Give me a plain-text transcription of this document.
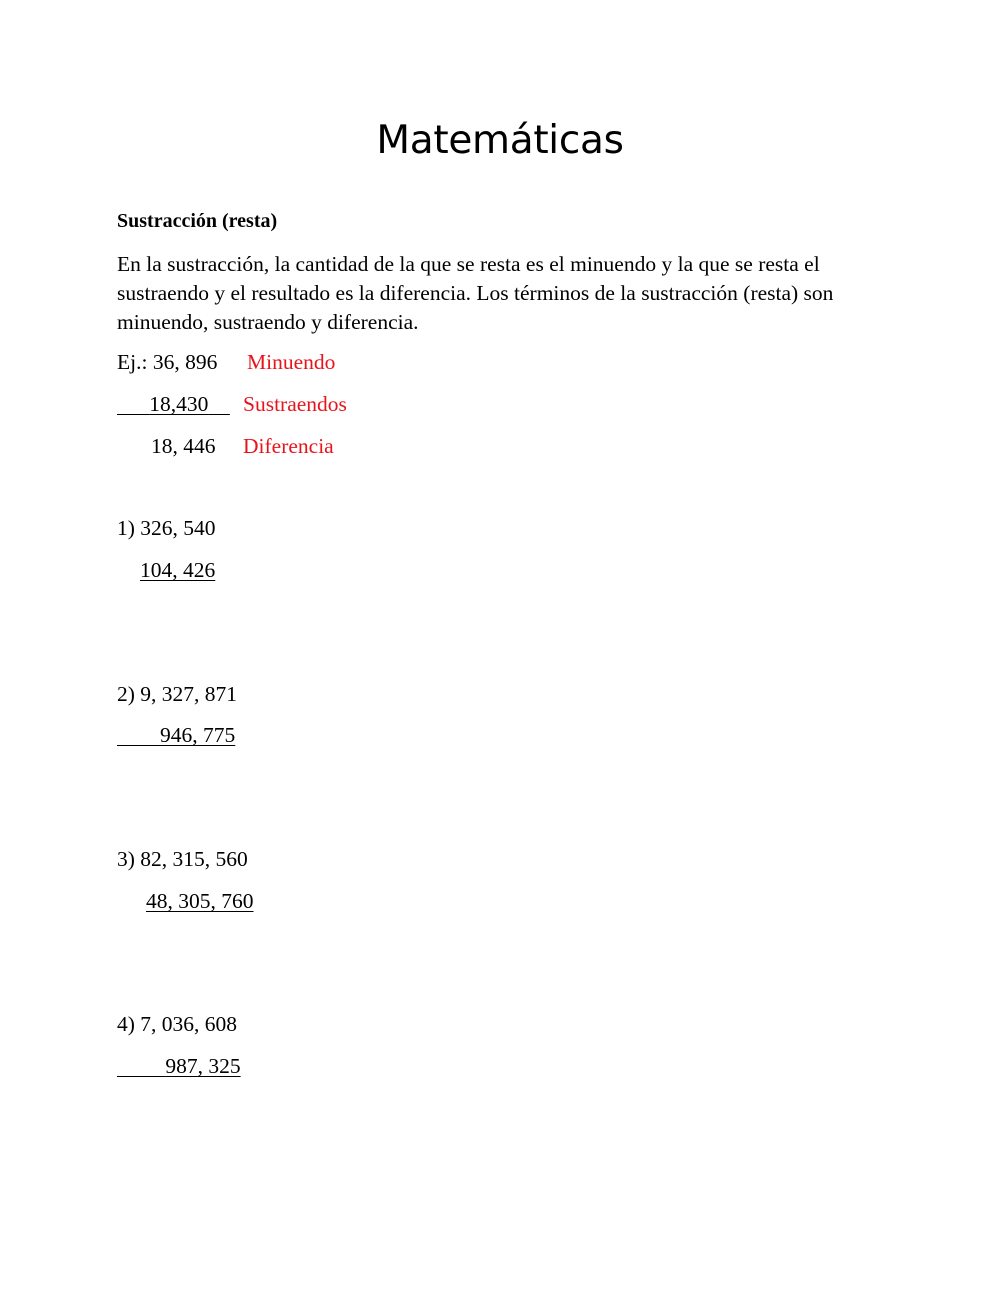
Matemáticas
Sustracción (resta)

En la sustracción, la cantidad de la que se resta es el minuendo y la que se resta el sustraendo y el resultado es la diferencia. Los términos de la sustracción (resta) son minuendo, sustraendo y diferencia.

Ej.: 36, 896 Minuendo
18,430	Sustraendos
18, 446 Diferencia
1) 326, 540
104, 426
2) 9, 327, 871
946, 775
3) 82, 315, 560
48, 305, 760
4) 7, 036, 608
987, 325
